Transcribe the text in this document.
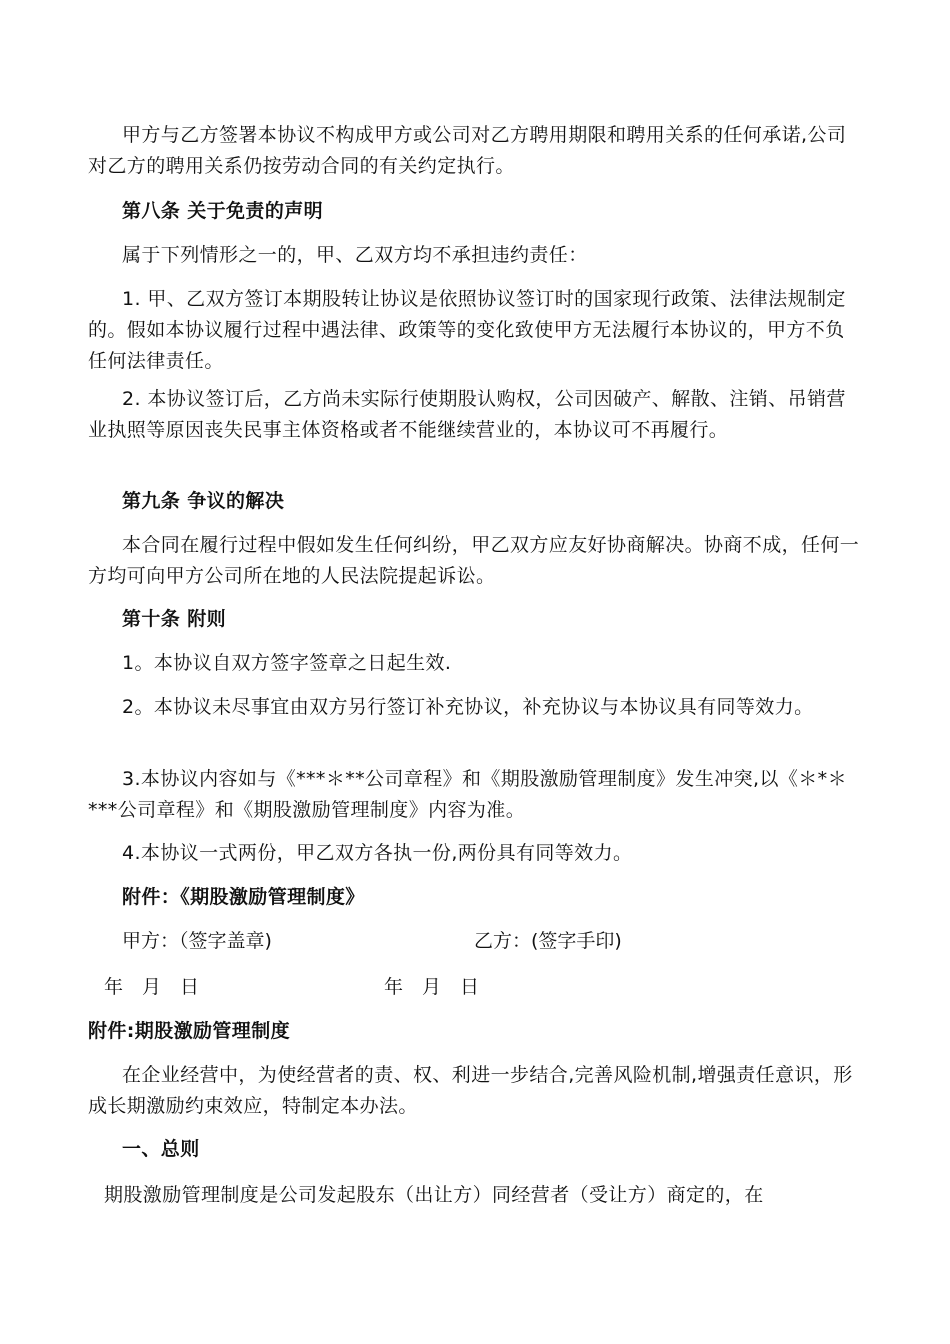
甲方与乙方签署本协议不构成甲方或公司对乙方聘用期限和聘用关系的任何承诺,公司对乙方的聘用关系仍按劳动合同的有关约定执行。
第八条 关于免责的声明
属于下列情形之一的，甲、乙双方均不承担违约责任：
1. 甲、乙双方签订本期股转让协议是依照协议签订时的国家现行政策、法律法规制定的。假如本协议履行过程中遇法律、政策等的变化致使甲方无法履行本协议的，甲方不负任何法律责任。
2. 本协议签订后，乙方尚未实际行使期股认购权，公司因破产、解散、注销、吊销营业执照等原因丧失民事主体资格或者不能继续营业的，本协议可不再履行。
第九条 争议的解决
本合同在履行过程中假如发生任何纠纷，甲乙双方应友好协商解决。协商不成，任何一方均可向甲方公司所在地的人民法院提起诉讼。
第十条 附则
1。本协议自双方签字签章之日起生效.
2。本协议未尽事宜由双方另行签订补充协议，补充协议与本协议具有同等效力。
3.本协议内容如与《***＊**公司章程》和《期股激励管理制度》发生冲突,以《＊*＊***公司章程》和《期股激励管理制度》内容为准。
4.本协议一式两份，甲乙双方各执一份,两份具有同等效力。
附件：《期股激励管理制度》
甲方：（签字盖章)	乙方：(签字手印)
年　月　日	年　月　日
附件:期股激励管理制度
在企业经营中，为使经营者的责、权、利进一步结合,完善风险机制,增强责任意识，形成长期激励约束效应，特制定本办法。
一、总则
期股激励管理制度是公司发起股东（出让方）同经营者（受让方）商定的，在
